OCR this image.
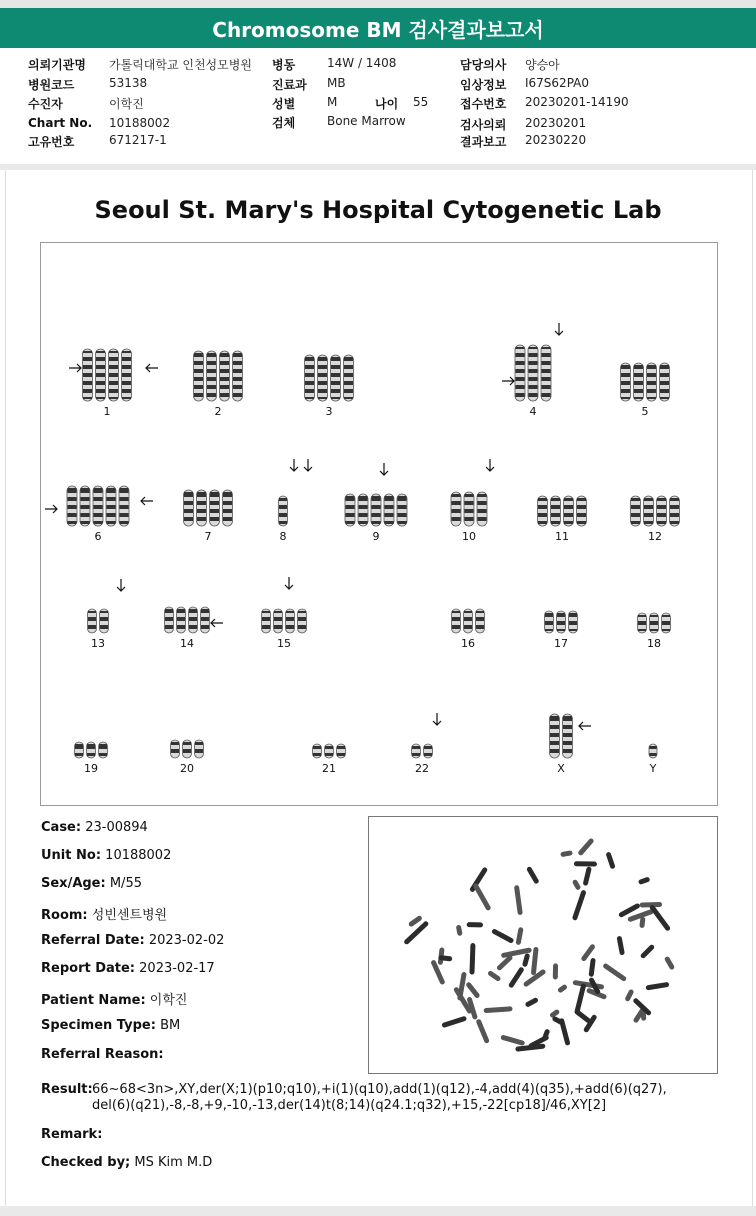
Chromosome BM 검사결과보고서
의뢰기관명 가톨릭대학교 인천성모병원
병원코드	53138
수진자	이학진
Chart No. 10188002
고유번호	671217-1
병동	14W / 1408
진료과 MB
성별	M	나이 55
검체	Bone Marrow
담당의사 양승아
임상정보 I67S62PA0
접수번호 20230201-14190
검사의뢰 20230201
결과보고 20230220
Seoul St. Mary's Hospital Cytogenetic Lab
1	2	3	4	5
6	7	8	9	10	11	12
13	14	15	16	17	18
19	20	21	22	X	Y
Case: 23-00894
Unit No: 10188002
Sex/Age: M/55
Room: 성빈센트병원
Referral Date: 2023-02-02
Report Date: 2023-02-17
Patient Name: 이학진
Specimen Type: BM
Referral Reason:
Result: 66~68<3n>,XY,der(X;1)(p10;q10),+i(1)(q10),add(1)(q12),-4,add(4)(q35),+add(6)(q27),
del(6)(q21),-8,-8,+9,-10,-13,der(14)t(8;14)(q24.1;q32),+15,-22[cp18]/46,XY[2]
Remark:
Checked by; MS Kim M.D
